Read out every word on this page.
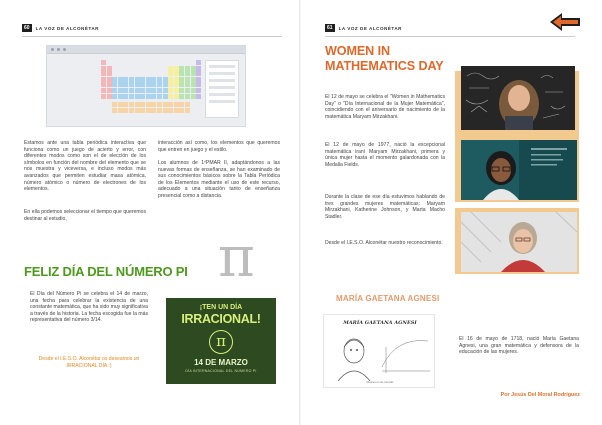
60	LA VOZ DE ALCONÉTAR
Estamos ante una tabla periódica interactiva que funciona como un juego de acierto y error, con diferentes modos como son el de elección de los símbolos en función del nombre del elemento que se nos muestra y viceversa, e incluso modos más avanzados que permiten estudiar masa atómica, número atómico o número de electrones de los elementos.
En ella podemos seleccionar el tiempo que queremos destinar al estudio,
interacción así como, los elementos que queremos que entren en juego y el estilo.
Los alumnos de 1ºPMAR II, adaptándonos a las nuevas formas de enseñanza, se han examinado de sus conocimientos básicos sobre la Tabla Periódica de los Elementos mediante el uso de este recurso, adecuado a una situación tanto de enseñanza presencial como a distancia.
π
FELIZ DÍA DEL NÚMERO PI
El Día del Número Pi se celebra el 14 de marzo, una fecha para celebrar la existencia de una constante matemática, que ha sido muy significativa a través de la historia. La fecha escogida fue la más representativa del número 3/14.
Desde el I.E.S.O. Alconétar os deseamos un IRRACIONAL DÍA :)
¡TEN UN DÍA
IRRACIONAL!
π
14 DE MARZO
DÍA INTERNACIONAL DEL NÚMERO PI
61	LA VOZ DE ALCONÉTAR
WOMEN IN
MATHEMATICS DAY
El 12 de mayo se celebra el "Women in Mathematics Day" o "Día Internacional de la Mujer Matemática", coincidiendo con el aniversario de nacimiento de la matemática Maryam Mirzakhani.
El 12 de mayo de 1977, nació la excepcional matemática iraní Maryam Mirzakhani, primera y única mujer hasta el momento galardonada con la Medalla Fields.
Durante la clase de ese día estuvimos hablando de tres grandes mujeres matemáticas: Maryam Mirzakhani, Katherine Johnson, y Marta Macho Stadler.
Desde el I.E.S.O. Alconétar nuestro reconocimiento.
MARÍA GAETANA AGNESI
MARÍA GAETANA AGNESI
Mujeres en las ciencias
El 16 de mayo de 1718, nació María Gaetana Agnesi, una gran matemática y defensora de la educación de las mujeres.
Por Jesús Del Moral Rodríguez
